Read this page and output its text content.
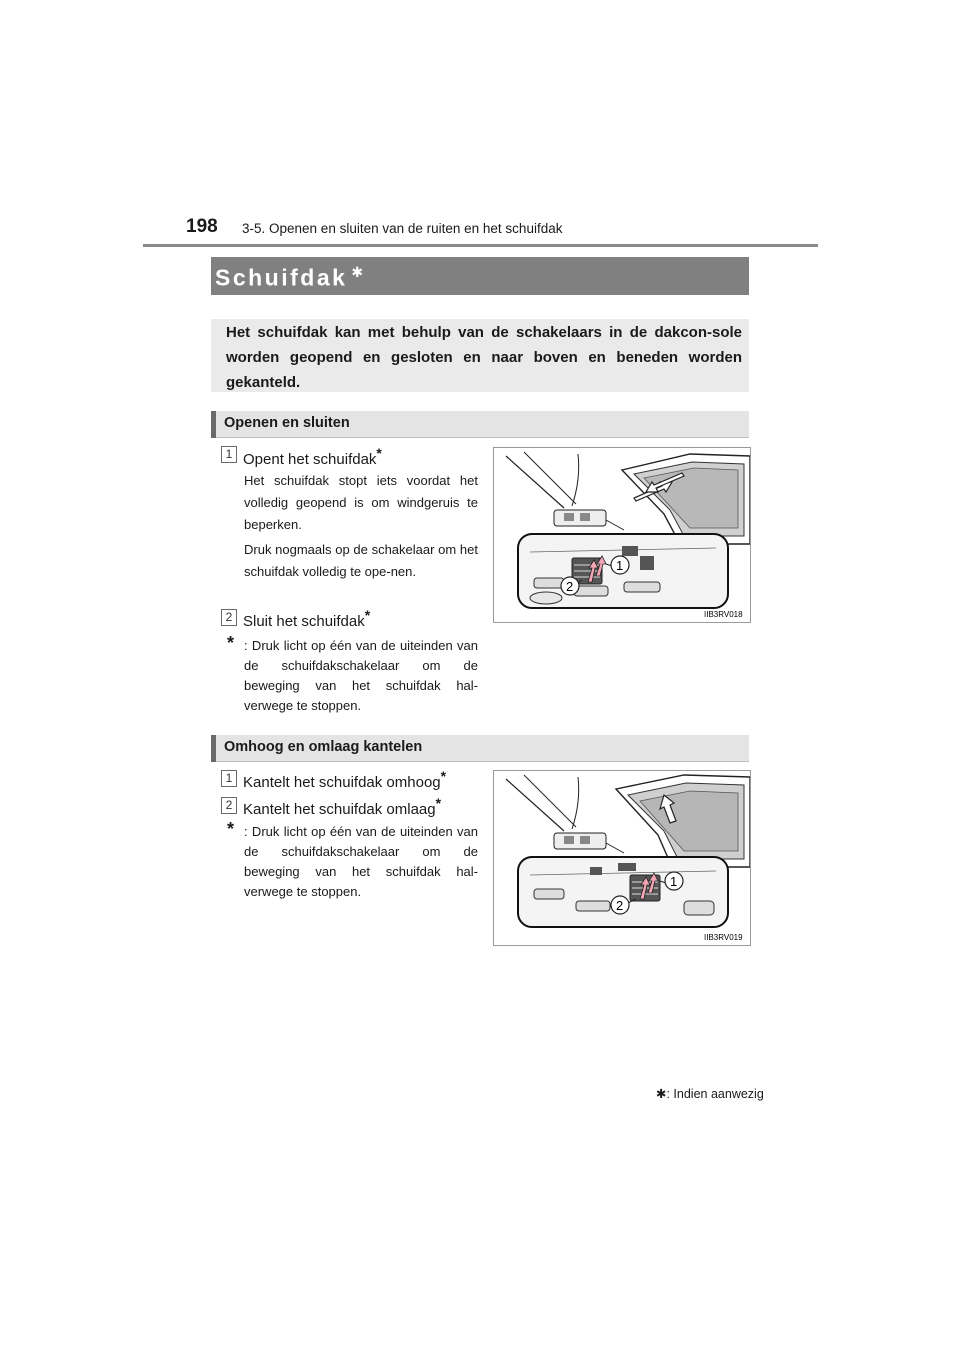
198 3-5. Openen en sluiten van de ruiten en het schuifdak
Schuifdak ✱
Het schuifdak kan met behulp van de schakelaars in de dakcon-sole worden geopend en gesloten en naar boven en beneden worden gekanteld.
Openen en sluiten
1 Opent het schuifdak*
Het schuifdak stopt iets voordat het volledig geopend is om windgeruis te beperken.
Druk nogmaals op de schakelaar om het schuifdak volledig te ope-nen.
2 Sluit het schuifdak*
* : Druk licht op één van de uiteinden van de schuifdakschakelaar om de beweging van het schuifdak hal-verwege te stoppen.
1
2
IIB3RV018
Omhoog en omlaag kantelen
1 Kantelt het schuifdak omhoog*
2 Kantelt het schuifdak omlaag*
* : Druk licht op één van de uiteinden van de schuifdakschakelaar om de beweging van het schuifdak hal-verwege te stoppen.
1
2
IIB3RV019
✱: Indien aanwezig
